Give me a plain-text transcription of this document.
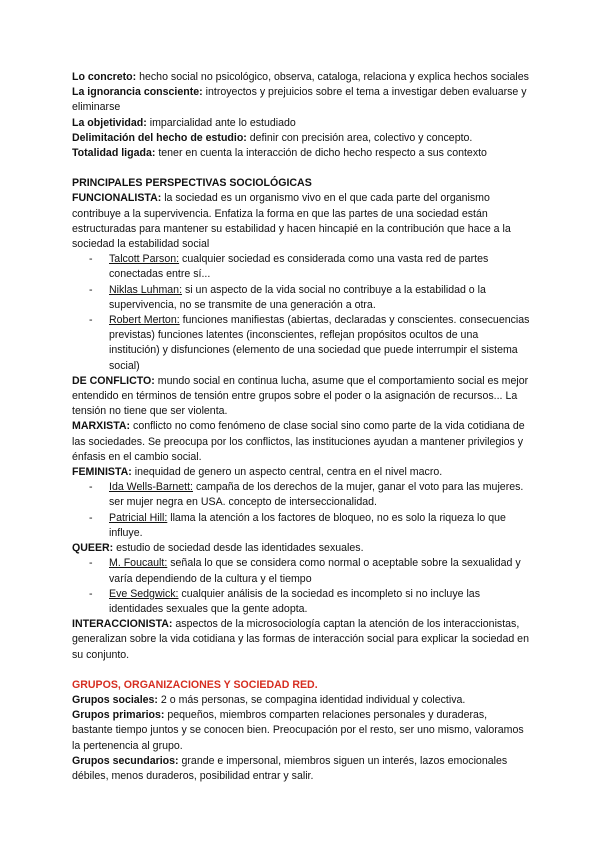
Lo concreto: hecho social no psicológico, observa, cataloga, relaciona y explica hechos sociales

La ignorancia consciente: introyectos y prejuicios sobre el tema a investigar deben evaluarse y eliminarse

La objetividad: imparcialidad ante lo estudiado

Delimitación del hecho de estudio: definir con precisión area, colectivo y concepto.

Totalidad ligada: tener en cuenta la interacción de dicho hecho respecto a sus contexto

PRINCIPALES PERSPECTIVAS SOCIOLÓGICAS

FUNCIONALISTA: la sociedad es un organismo vivo en el que cada parte del organismo contribuye a la supervivencia. Enfatiza la forma en que las partes de una sociedad están estructuradas para mantener su estabilidad y hacen hincapié en la contribución que hace a la sociedad la estabilidad social

- Talcott Parson: cualquier sociedad es considerada como una vasta red de partes conectadas entre sí...
- Niklas Luhman: si un aspecto de la vida social no contribuye a la estabilidad o la supervivencia, no se transmite de una generación a otra.
- Robert Merton: funciones manifiestas (abiertas, declaradas y conscientes. consecuencias previstas) funciones latentes (inconscientes, reflejan propósitos ocultos de una institución) y disfunciones (elemento de una sociedad que puede interrumpir el sistema social)

DE CONFLICTO: mundo social en continua lucha, asume que el comportamiento social es mejor entendido en términos de tensión entre grupos sobre el poder o la asignación de recursos... La tensión no tiene que ser violenta.

MARXISTA: conflicto no como fenómeno de clase social sino como parte de la vida cotidiana de las sociedades. Se preocupa por los conflictos, las instituciones ayudan a mantener privilegios y énfasis en el cambio social.

FEMINISTA: inequidad de genero un aspecto central, centra en el nivel macro.

- Ida Wells-Barnett: campaña de los derechos de la mujer, ganar el voto para las mujeres. ser mujer negra en USA. concepto de interseccionalidad.
- Patricial Hill: llama la atención a los factores de bloqueo, no es solo la riqueza lo que influye.

QUEER: estudio de sociedad desde las identidades sexuales.

- M. Foucault: señala lo que se considera como normal o aceptable sobre la sexualidad y varía dependiendo de la cultura y el tiempo
- Eve Sedgwick: cualquier análisis de la sociedad es incompleto si no incluye las identidades sexuales que la gente adopta.

INTERACCIONISTA: aspectos de la microsociología captan la atención de los interaccionistas, generalizan sobre la vida cotidiana y las formas de interacción social para explicar la sociedad en su conjunto.

GRUPOS, ORGANIZACIONES Y SOCIEDAD RED.

Grupos sociales: 2 o más personas, se compagina identidad individual y colectiva.

Grupos primarios: pequeños, miembros comparten relaciones personales y duraderas, bastante tiempo juntos y se conocen bien. Preocupación por el resto, ser uno mismo, valoramos la pertenencia al grupo.

Grupos secundarios: grande e impersonal, miembros siguen un interés, lazos emocionales débiles, menos duraderos, posibilidad entrar y salir.
